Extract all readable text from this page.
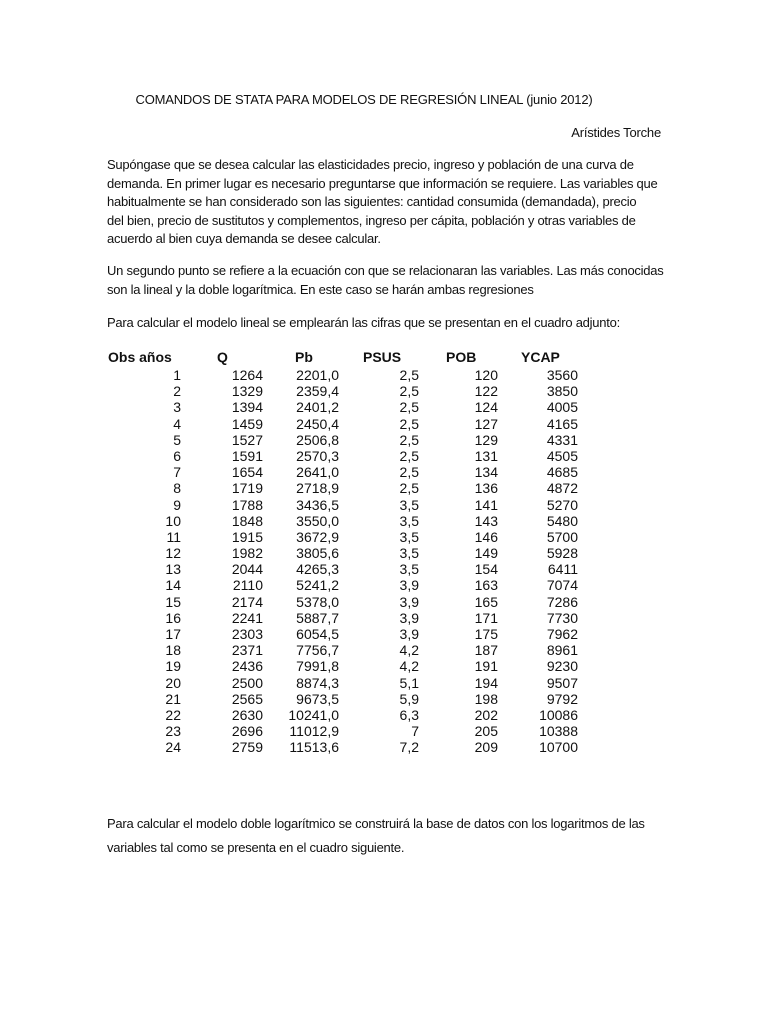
COMANDOS DE STATA PARA MODELOS DE REGRESIÓN LINEAL (junio 2012)
Arístides Torche

Supóngase que se desea calcular las elasticidades precio, ingreso y población de una curva de
demanda. En primer lugar es necesario preguntarse que información se requiere. Las variables que
habitualmente se han considerado son las siguientes: cantidad consumida (demandada), precio
del bien, precio de sustitutos y complementos, ingreso per cápita, población y otras variables de
acuerdo al bien cuya demanda se desee calcular.

Un segundo punto se refiere a la ecuación con que se relacionaran las variables. Las más conocidas
son la lineal y la doble logarítmica. En este caso se harán ambas regresiones

Para calcular el modelo lineal se emplearán las cifras que se presentan en el cuadro adjunto:

Obs años	Q	Pb	PSUS	POB	YCAP
1	1264	2201,0	2,5	120	3560
2	1329	2359,4	2,5	122	3850
3	1394	2401,2	2,5	124	4005
4	1459	2450,4	2,5	127	4165
5	1527	2506,8	2,5	129	4331
6	1591	2570,3	2,5	131	4505
7	1654	2641,0	2,5	134	4685
8	1719	2718,9	2,5	136	4872
9	1788	3436,5	3,5	141	5270
10	1848	3550,0	3,5	143	5480
11	1915	3672,9	3,5	146	5700
12	1982	3805,6	3,5	149	5928
13	2044	4265,3	3,5	154	6411
14	2110	5241,2	3,9	163	7074
15	2174	5378,0	3,9	165	7286
16	2241	5887,7	3,9	171	7730
17	2303	6054,5	3,9	175	7962
18	2371	7756,7	4,2	187	8961
19	2436	7991,8	4,2	191	9230
20	2500	8874,3	5,1	194	9507
21	2565	9673,5	5,9	198	9792
22	2630	10241,0	6,3	202	10086
23	2696	11012,9	7	205	10388
24	2759	11513,6	7,2	209	10700

Para calcular el modelo doble logarítmico se construirá la base de datos con los logaritmos de las
variables tal como se presenta en el cuadro siguiente.
